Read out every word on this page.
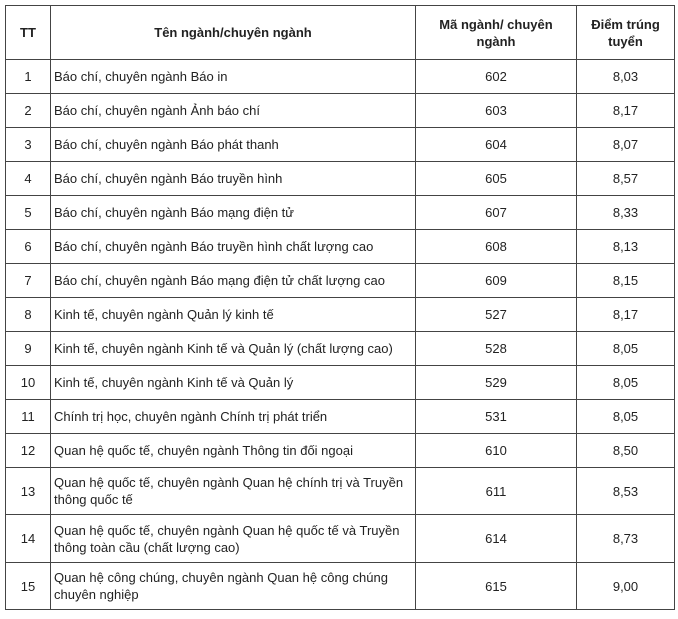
TT	Tên ngành/chuyên ngành	Mã ngành/ chuyên ngành	Điểm trúng tuyển
1	Báo chí, chuyên ngành Báo in	602	8,03
2	Báo chí, chuyên ngành Ảnh báo chí	603	8,17
3	Báo chí, chuyên ngành Báo phát thanh	604	8,07
4	Báo chí, chuyên ngành Báo truyền hình	605	8,57
5	Báo chí, chuyên ngành Báo mạng điện tử	607	8,33
6	Báo chí, chuyên ngành Báo truyền hình chất lượng cao	608	8,13
7	Báo chí, chuyên ngành Báo mạng điện tử chất lượng cao	609	8,15
8	Kinh tế, chuyên ngành Quản lý kinh tế	527	8,17
9	Kinh tế, chuyên ngành Kinh tế và Quản lý (chất lượng cao)	528	8,05
10	Kinh tế, chuyên ngành Kinh tế và Quản lý	529	8,05
11	Chính trị học, chuyên ngành Chính trị phát triển	531	8,05
12	Quan hệ quốc tế, chuyên ngành Thông tin đối ngoại	610	8,50
13	Quan hệ quốc tế, chuyên ngành Quan hệ chính trị và Truyền thông quốc tế	611	8,53
14	Quan hệ quốc tế, chuyên ngành Quan hệ quốc tế và Truyền thông toàn cầu (chất lượng cao)	614	8,73
15	Quan hệ công chúng, chuyên ngành Quan hệ công chúng chuyên nghiệp	615	9,00
